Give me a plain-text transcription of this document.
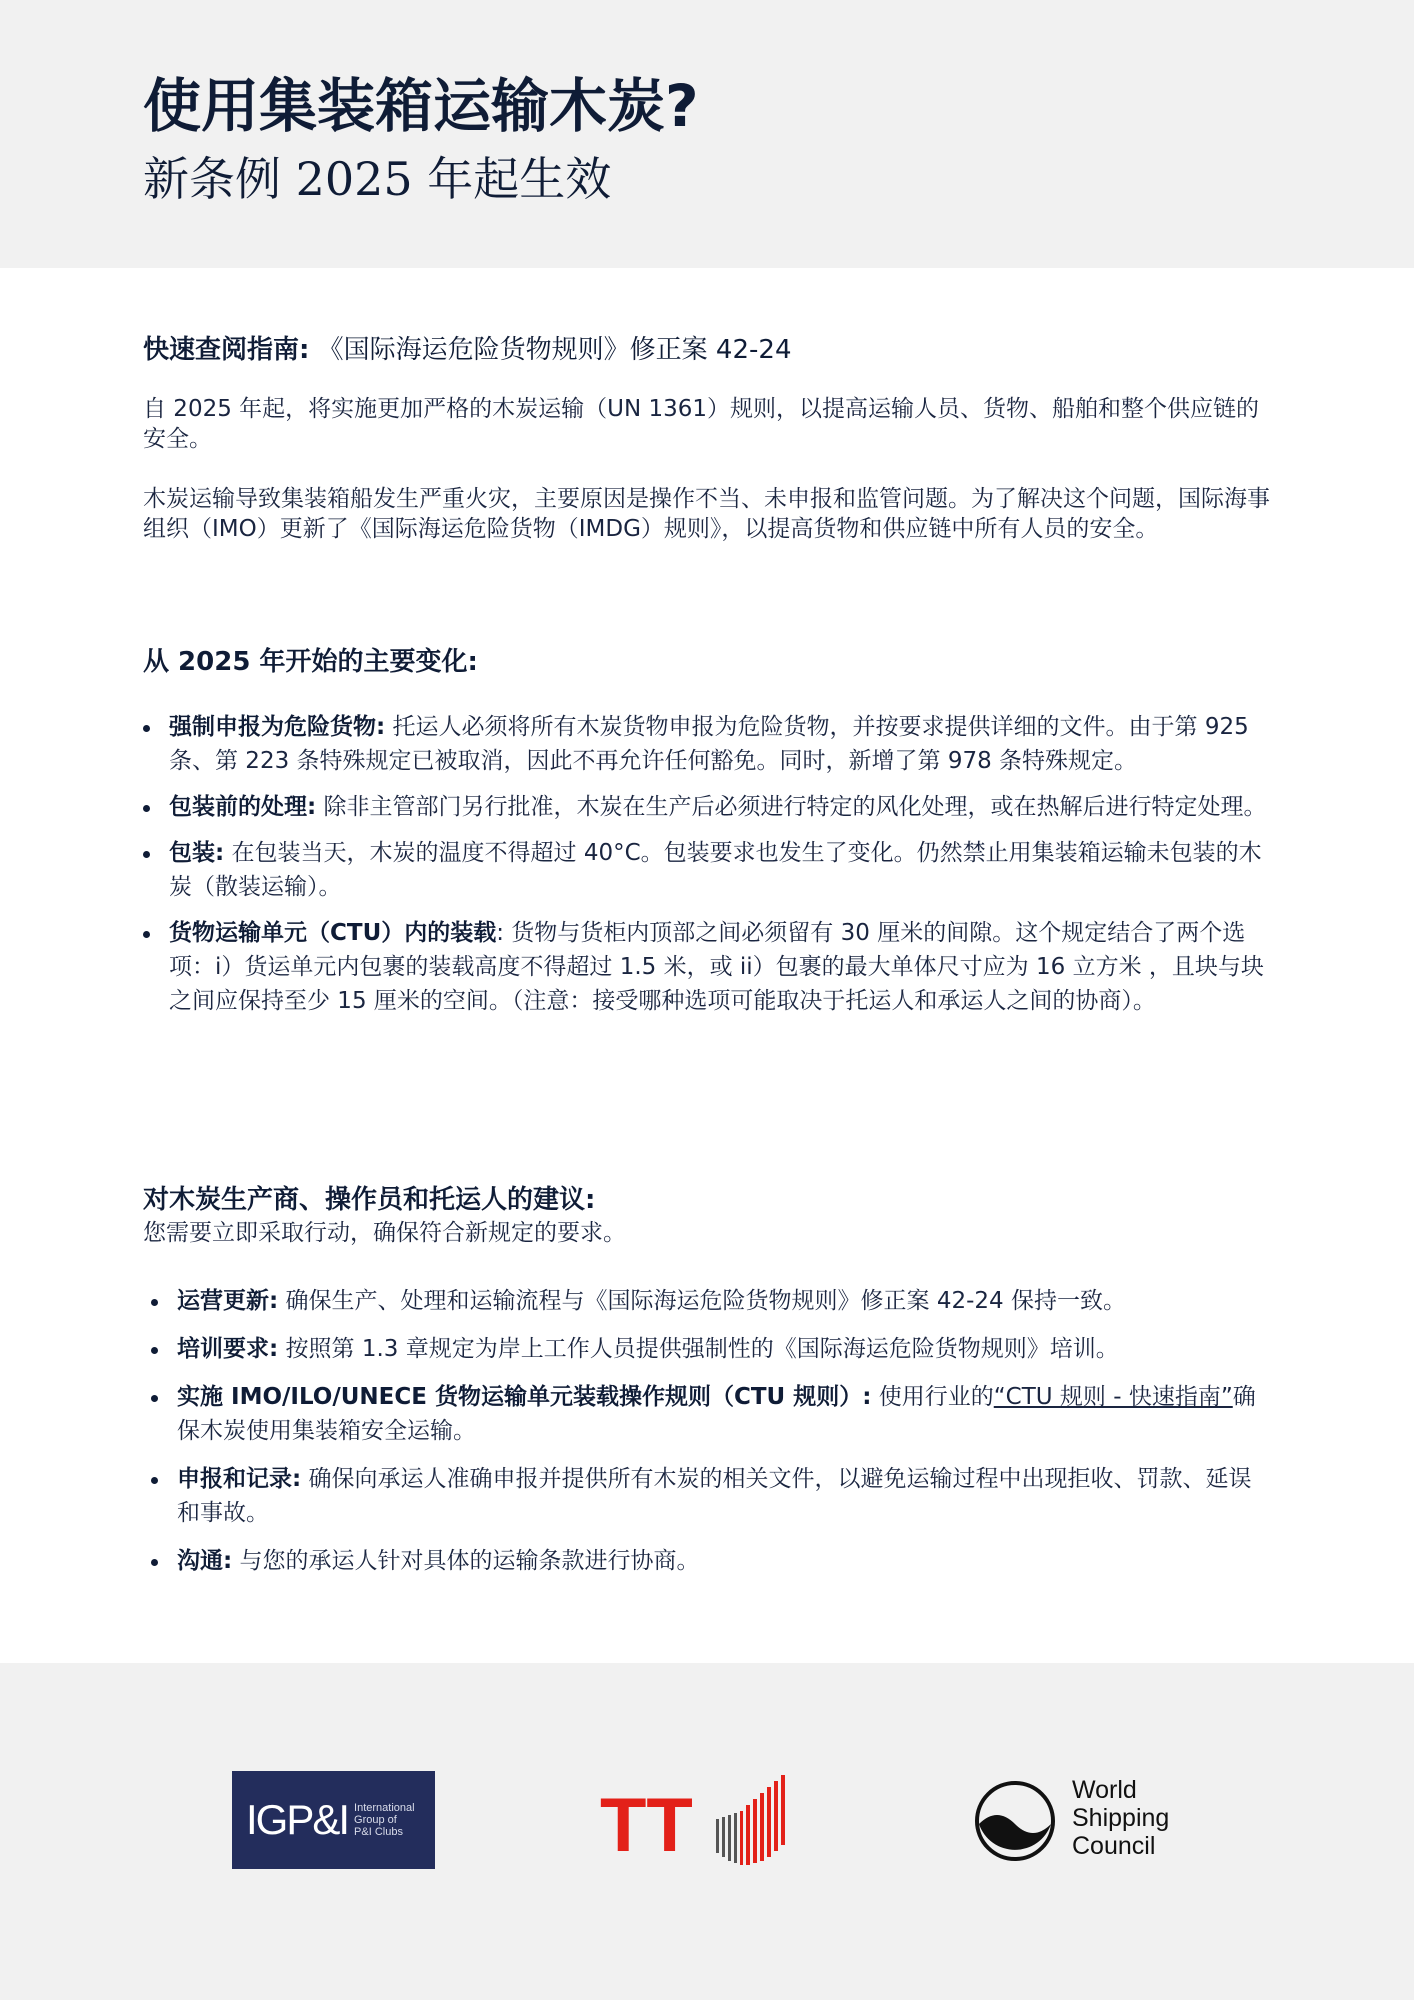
使用集装箱运输木炭?
新条例 2025 年起生效

快速查阅指南: 《国际海运危险货物规则》修正案 42-24

自 2025 年起，将实施更加严格的木炭运输（UN 1361）规则，以提高运输人员、货物、船舶和整个供应链的安全。

木炭运输导致集装箱船发生严重火灾，主要原因是操作不当、未申报和监管问题。为了解决这个问题，国际海事组织（IMO）更新了《国际海运危险货物（IMDG）规则》，以提高货物和供应链中所有人员的安全。

从 2025 年开始的主要变化:

强制申报为危险货物: 托运人必须将所有木炭货物申报为危险货物，并按要求提供详细的文件。由于第 925 条、第 223 条特殊规定已被取消，因此不再允许任何豁免。同时，新增了第 978 条特殊规定。
包装前的处理: 除非主管部门另行批准，木炭在生产后必须进行特定的风化处理，或在热解后进行特定处理。
包装: 在包装当天，木炭的温度不得超过 40°C。包装要求也发生了变化。仍然禁止用集装箱运输未包装的木炭（散装运输）。
货物运输单元（CTU）内的装载: 货物与货柜内顶部之间必须留有 30 厘米的间隙。这个规定结合了两个选项：i）货运单元内包裹的装载高度不得超过 1.5 米，或 ii）包裹的最大单体尺寸应为 16 立方米 ，且块与块之间应保持至少 15 厘米的空间。（注意：接受哪种选项可能取决于托运人和承运人之间的协商）。

对木炭生产商、操作员和托运人的建议:

您需要立即采取行动，确保符合新规定的要求。

运营更新: 确保生产、处理和运输流程与《国际海运危险货物规则》修正案 42-24 保持一致。
培训要求: 按照第 1.3 章规定为岸上工作人员提供强制性的《国际海运危险货物规则》培训。
实施 IMO/ILO/UNECE 货物运输单元装载操作规则（CTU 规则）: 使用行业的“CTU 规则 - 快速指南”确保木炭使用集装箱安全运输。
申报和记录: 确保向承运人准确申报并提供所有木炭的相关文件，以避免运输过程中出现拒收、罚款、延误和事故。
沟通: 与您的承运人针对具体的运输条款进行协商。
IGP&I International
Group of
P&I Clubs	TT	World
Shipping
Council
